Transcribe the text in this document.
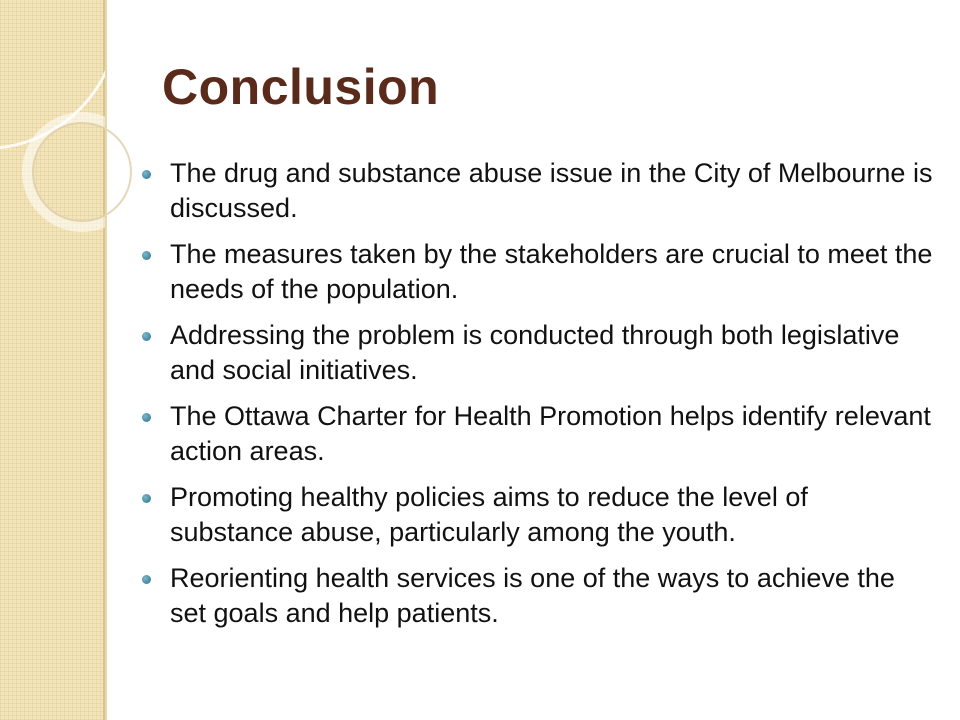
Conclusion
The drug and substance abuse issue in the City of Melbourne is discussed.
The measures taken by the stakeholders are crucial to meet the needs of the population.
Addressing the problem is conducted through both legislative and social initiatives.
The Ottawa Charter for Health Promotion helps identify relevant action areas.
Promoting healthy policies aims to reduce the level of substance abuse, particularly among the youth.
Reorienting health services is one of the ways to achieve the set goals and help patients.
